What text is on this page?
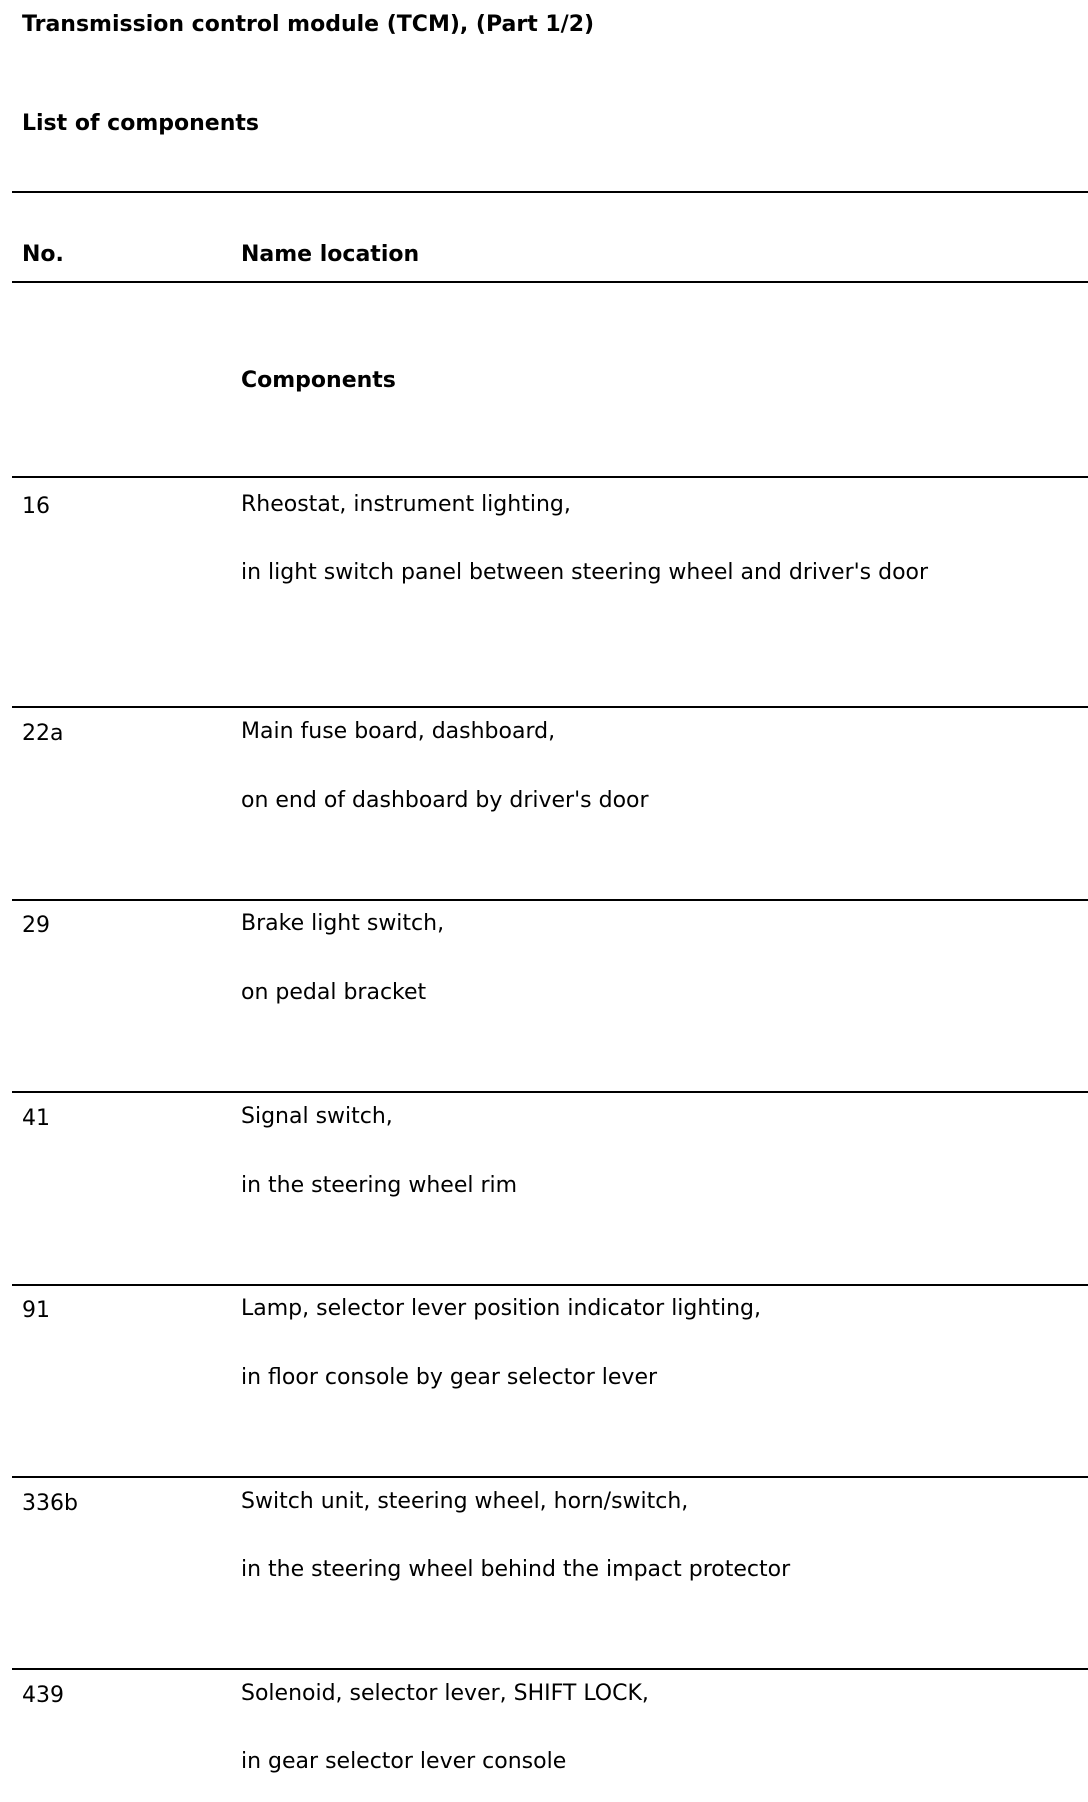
Transmission control module (TCM), (Part 1/2)
List of components
No.	Name location
Components
16	Rheostat, instrument lighting,
in light switch panel between steering wheel and driver's door
22a	Main fuse board, dashboard,
on end of dashboard by driver's door
29	Brake light switch,
on pedal bracket
41	Signal switch,
in the steering wheel rim
91	Lamp, selector lever position indicator lighting,
in floor console by gear selector lever
336b	Switch unit, steering wheel, horn/switch,
in the steering wheel behind the impact protector
439	Solenoid, selector lever, SHIFT LOCK,
in gear selector lever console
